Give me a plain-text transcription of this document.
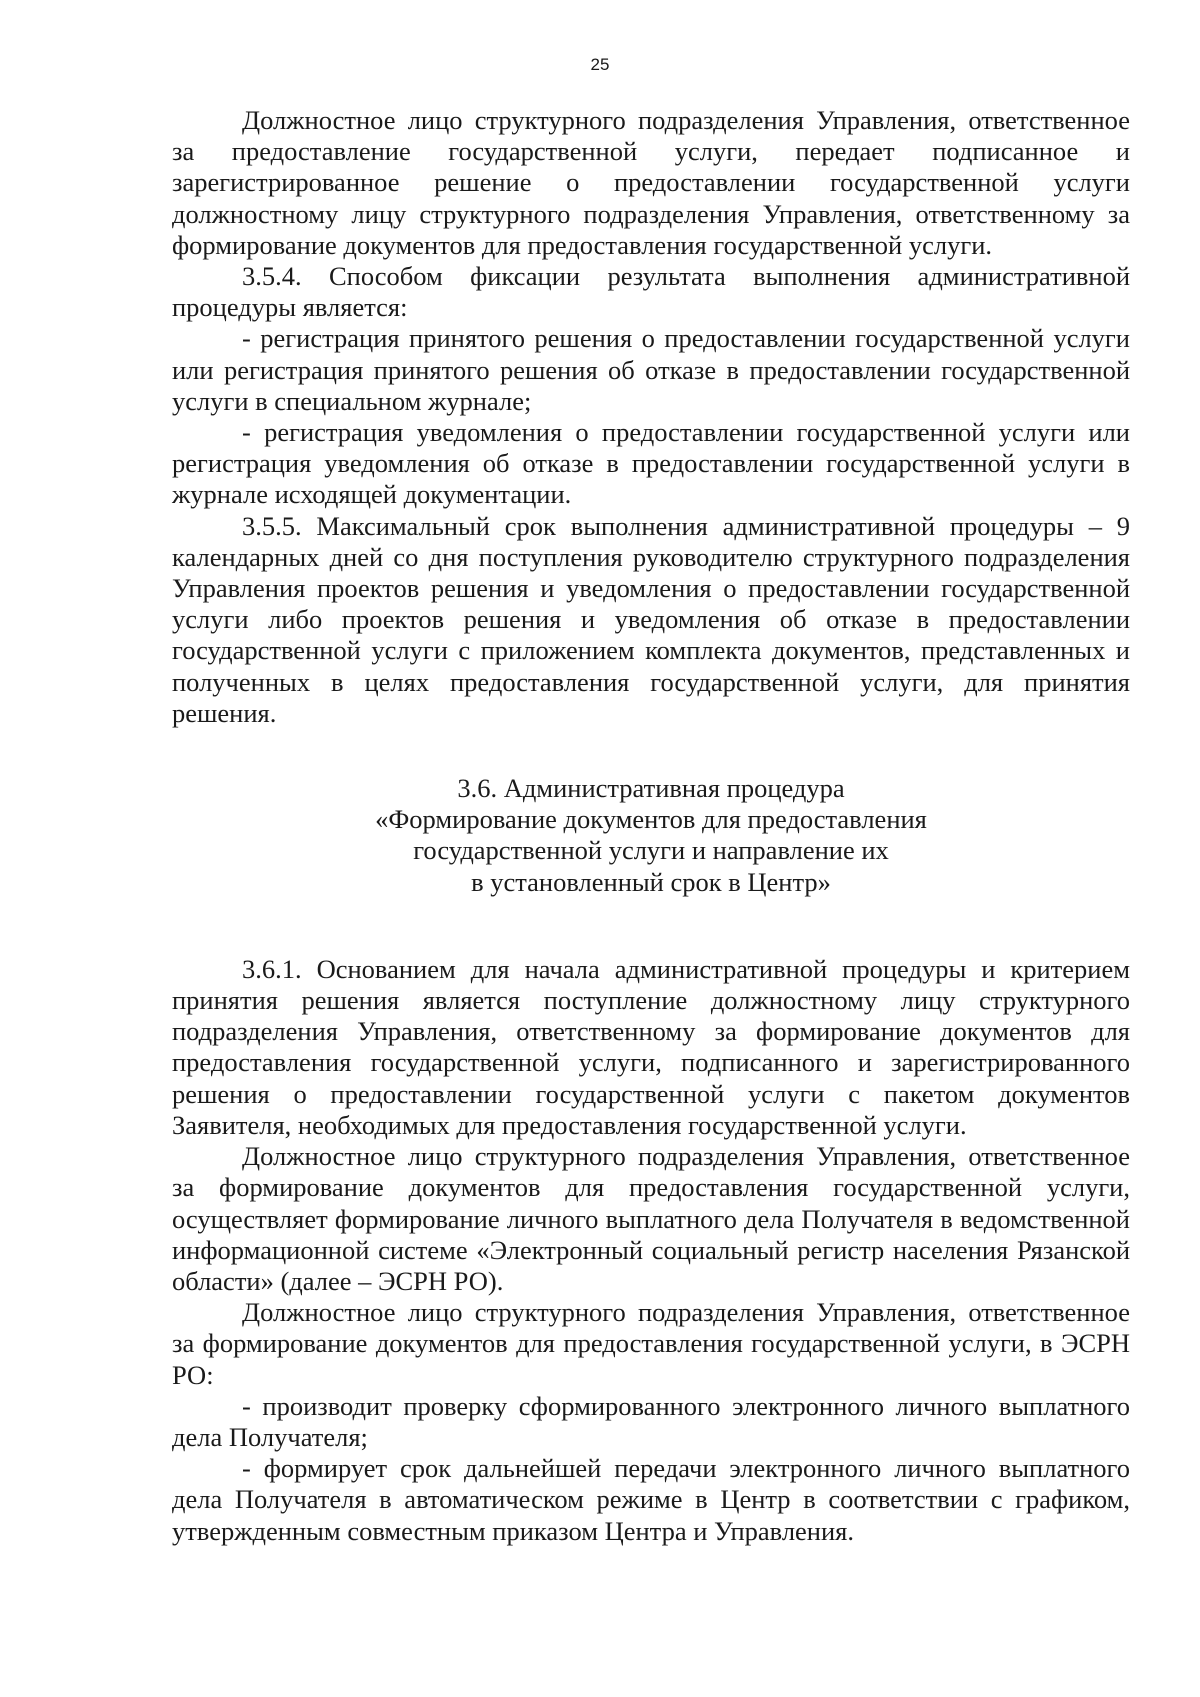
25

Должностное лицо структурного подразделения Управления, ответственное за предоставление государственной услуги, передает подписанное и зарегистрированное решение о предоставлении государственной услуги должностному лицу структурного подразделения Управления, ответственному за формирование документов для предоставления государственной услуги.

3.5.4. Способом фиксации результата выполнения административной процедуры является:

- регистрация принятого решения о предоставлении государственной услуги или регистрация принятого решения об отказе в предоставлении государственной услуги в специальном журнале;

- регистрация уведомления о предоставлении государственной услуги или регистрация уведомления об отказе в предоставлении государственной услуги в журнале исходящей документации.

3.5.5. Максимальный срок выполнения административной процедуры – 9 календарных дней со дня поступления руководителю структурного подразделения Управления проектов решения и уведомления о предоставлении государственной услуги либо проектов решения и уведомления об отказе в предоставлении государственной услуги с приложением комплекта документов, представленных и полученных в целях предоставления государственной услуги, для принятия решения.

3.6. Административная процедура
«Формирование документов для предоставления
государственной услуги и направление их
в установленный срок в Центр»

3.6.1. Основанием для начала административной процедуры и критерием принятия решения является поступление должностному лицу структурного подразделения Управления, ответственному за формирование документов для предоставления государственной услуги, подписанного и зарегистрированного решения о предоставлении государственной услуги с пакетом документов Заявителя, необходимых для предоставления государственной услуги.

Должностное лицо структурного подразделения Управления, ответственное за формирование документов для предоставления государственной услуги, осуществляет формирование личного выплатного дела Получателя в ведомственной информационной системе «Электронный социальный регистр населения Рязанской области» (далее – ЭСРН РО).

Должностное лицо структурного подразделения Управления, ответственное за формирование документов для предоставления государственной услуги, в ЭСРН РО:

- производит проверку сформированного электронного личного выплатного дела Получателя;

- формирует срок дальнейшей передачи электронного личного выплатного дела Получателя в автоматическом режиме в Центр в соответствии с графиком, утвержденным совместным приказом Центра и Управления.
